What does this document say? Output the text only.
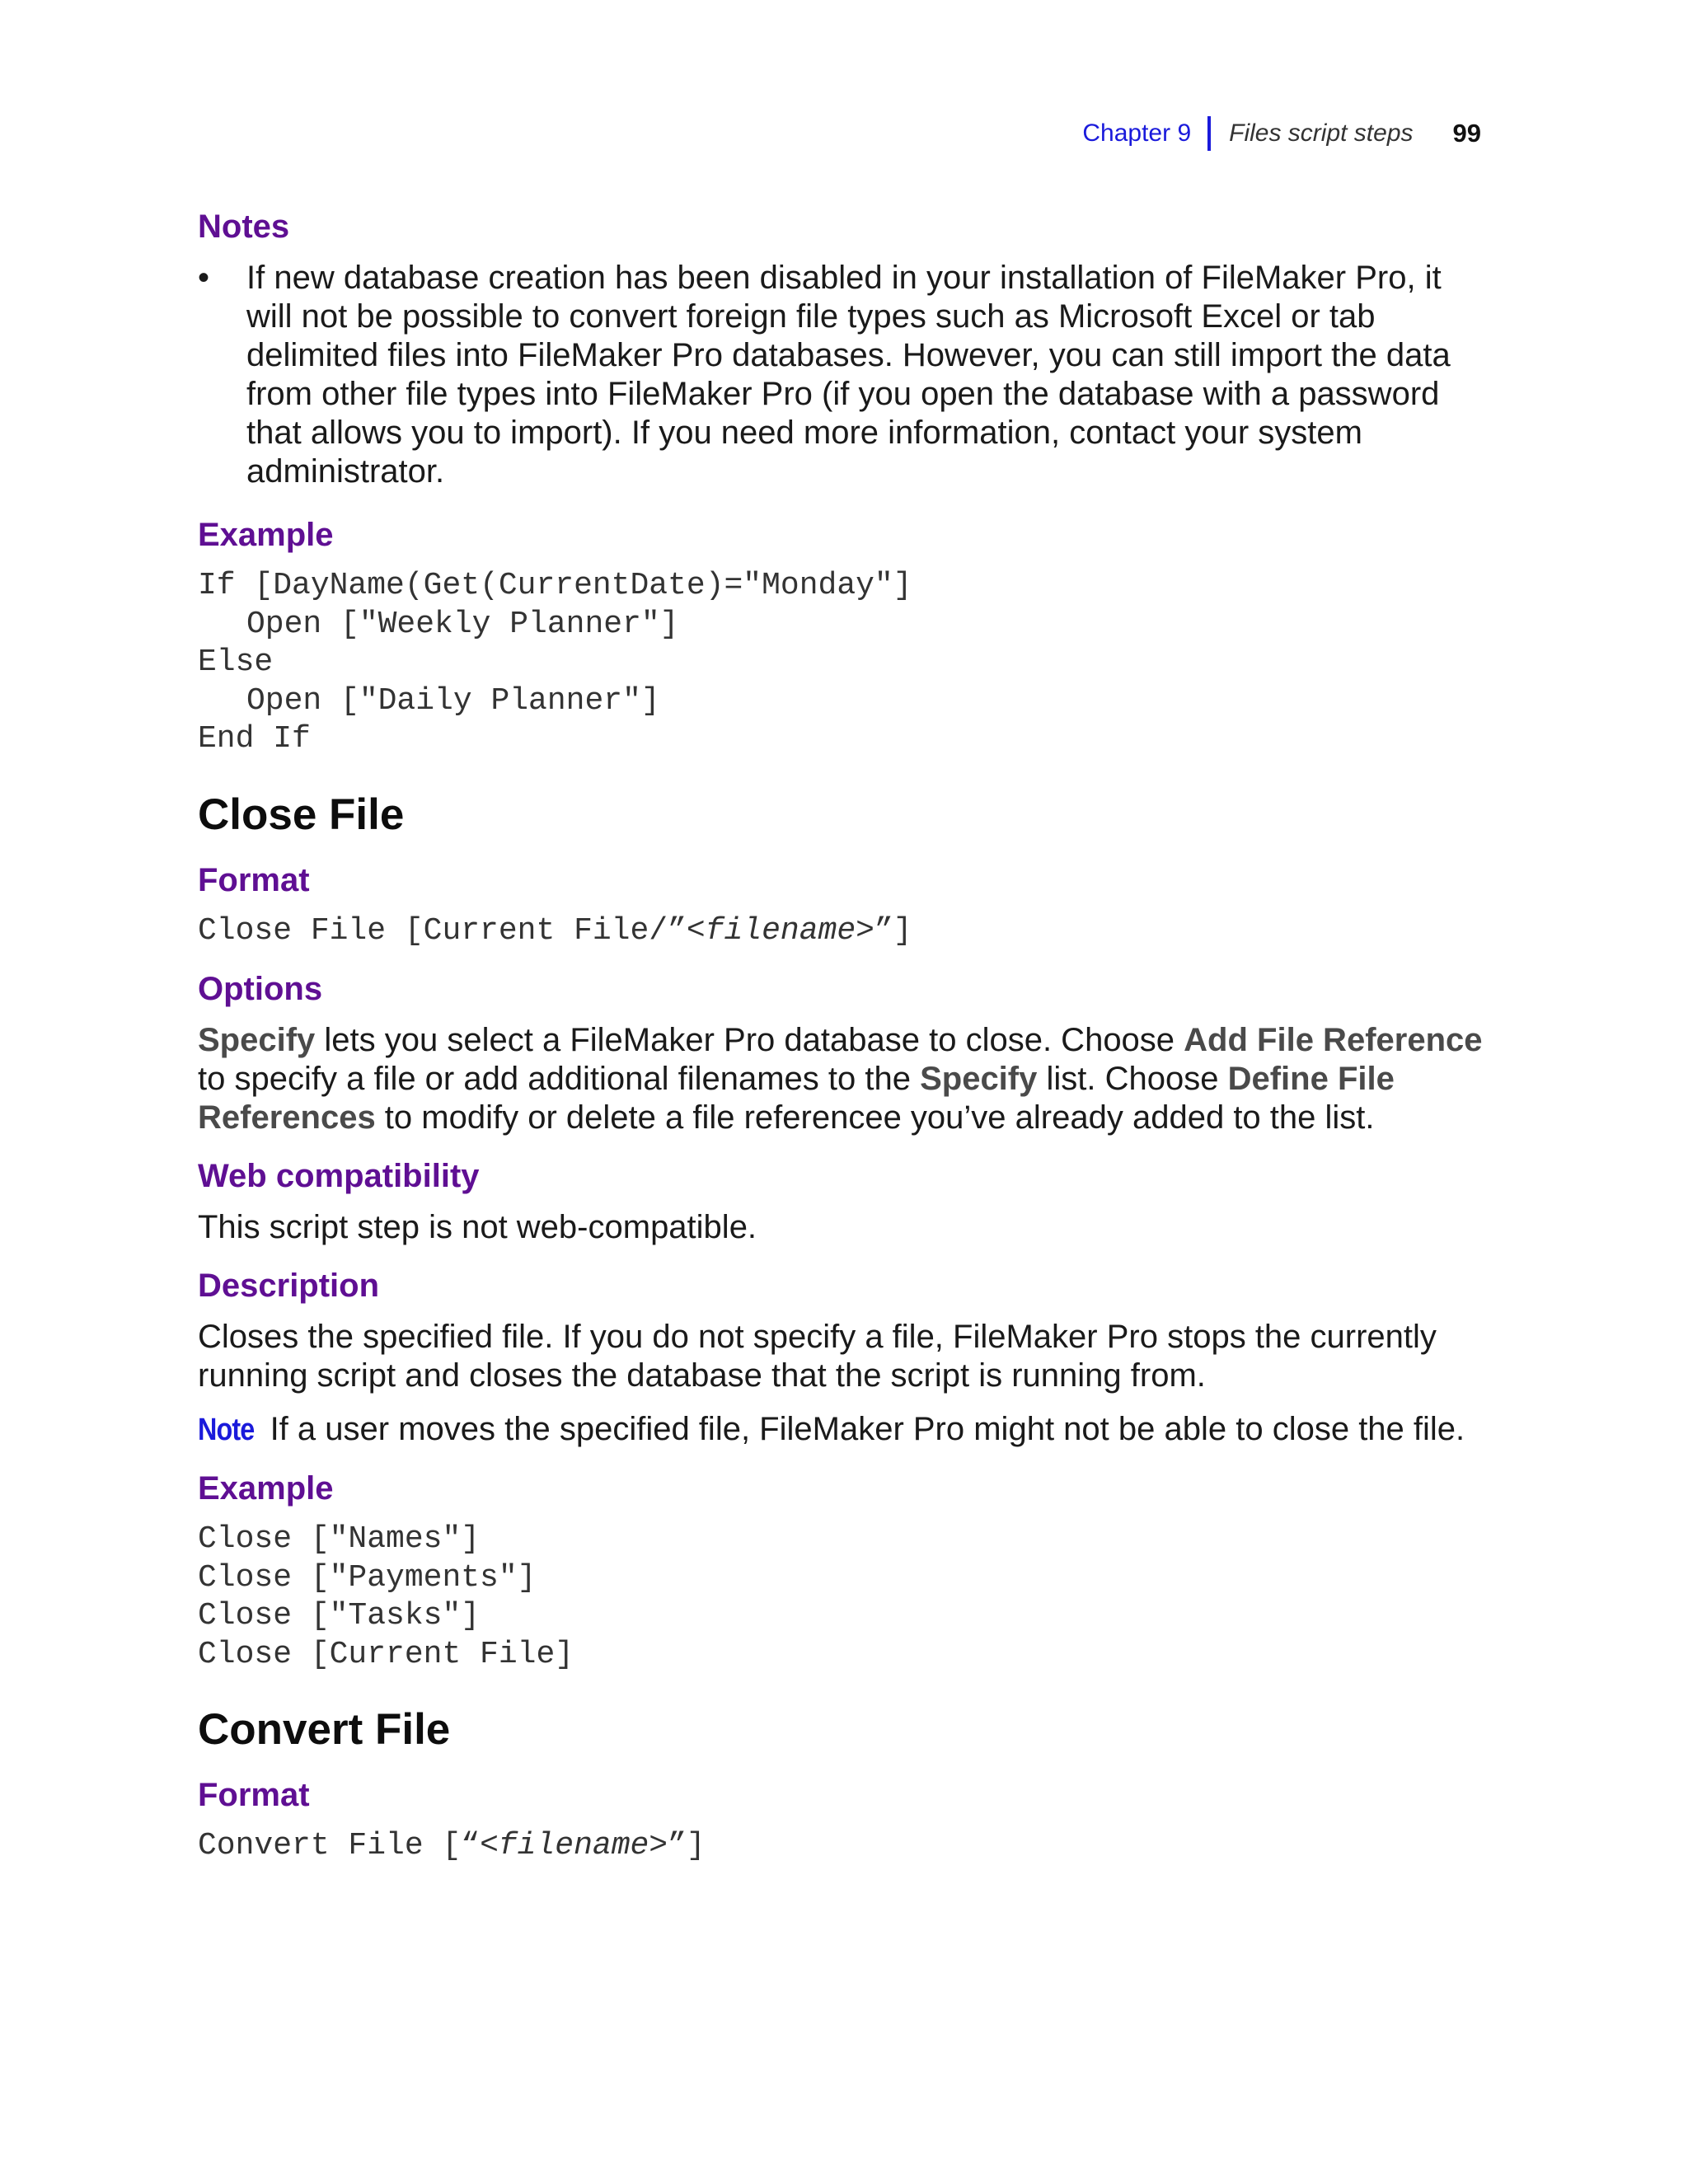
Chapter 9 Files script steps 99
Notes
• If new database creation has been disabled in your installation of FileMaker Pro, it will not be possible to convert foreign file types such as Microsoft Excel or tab delimited files into FileMaker Pro databases. However, you can still import the data from other file types into FileMaker Pro (if you open the database with a password that allows you to import). If you need more information, contact your system administrator.
Example
If [DayName(Get(CurrentDate)="Monday"]
Open ["Weekly Planner"]
Else
Open ["Daily Planner"]
End If
Close File
Format
Close File [Current File/”<filename>”]
Options

Specify lets you select a FileMaker Pro database to close. Choose Add File Reference to specify a file or add additional filenames to the Specify list. Choose Define File References to modify or delete a file referencee you’ve already added to the list.

Web compatibility

This script step is not web-compatible.

Description

Closes the specified file. If you do not specify a file, FileMaker Pro stops the currently running script and closes the database that the script is running from.

Note If a user moves the specified file, FileMaker Pro might not be able to close the file.

Example
Close ["Names"]
Close ["Payments"]
Close ["Tasks"]
Close [Current File]
Convert File
Format
Convert File [“<filename>”]
